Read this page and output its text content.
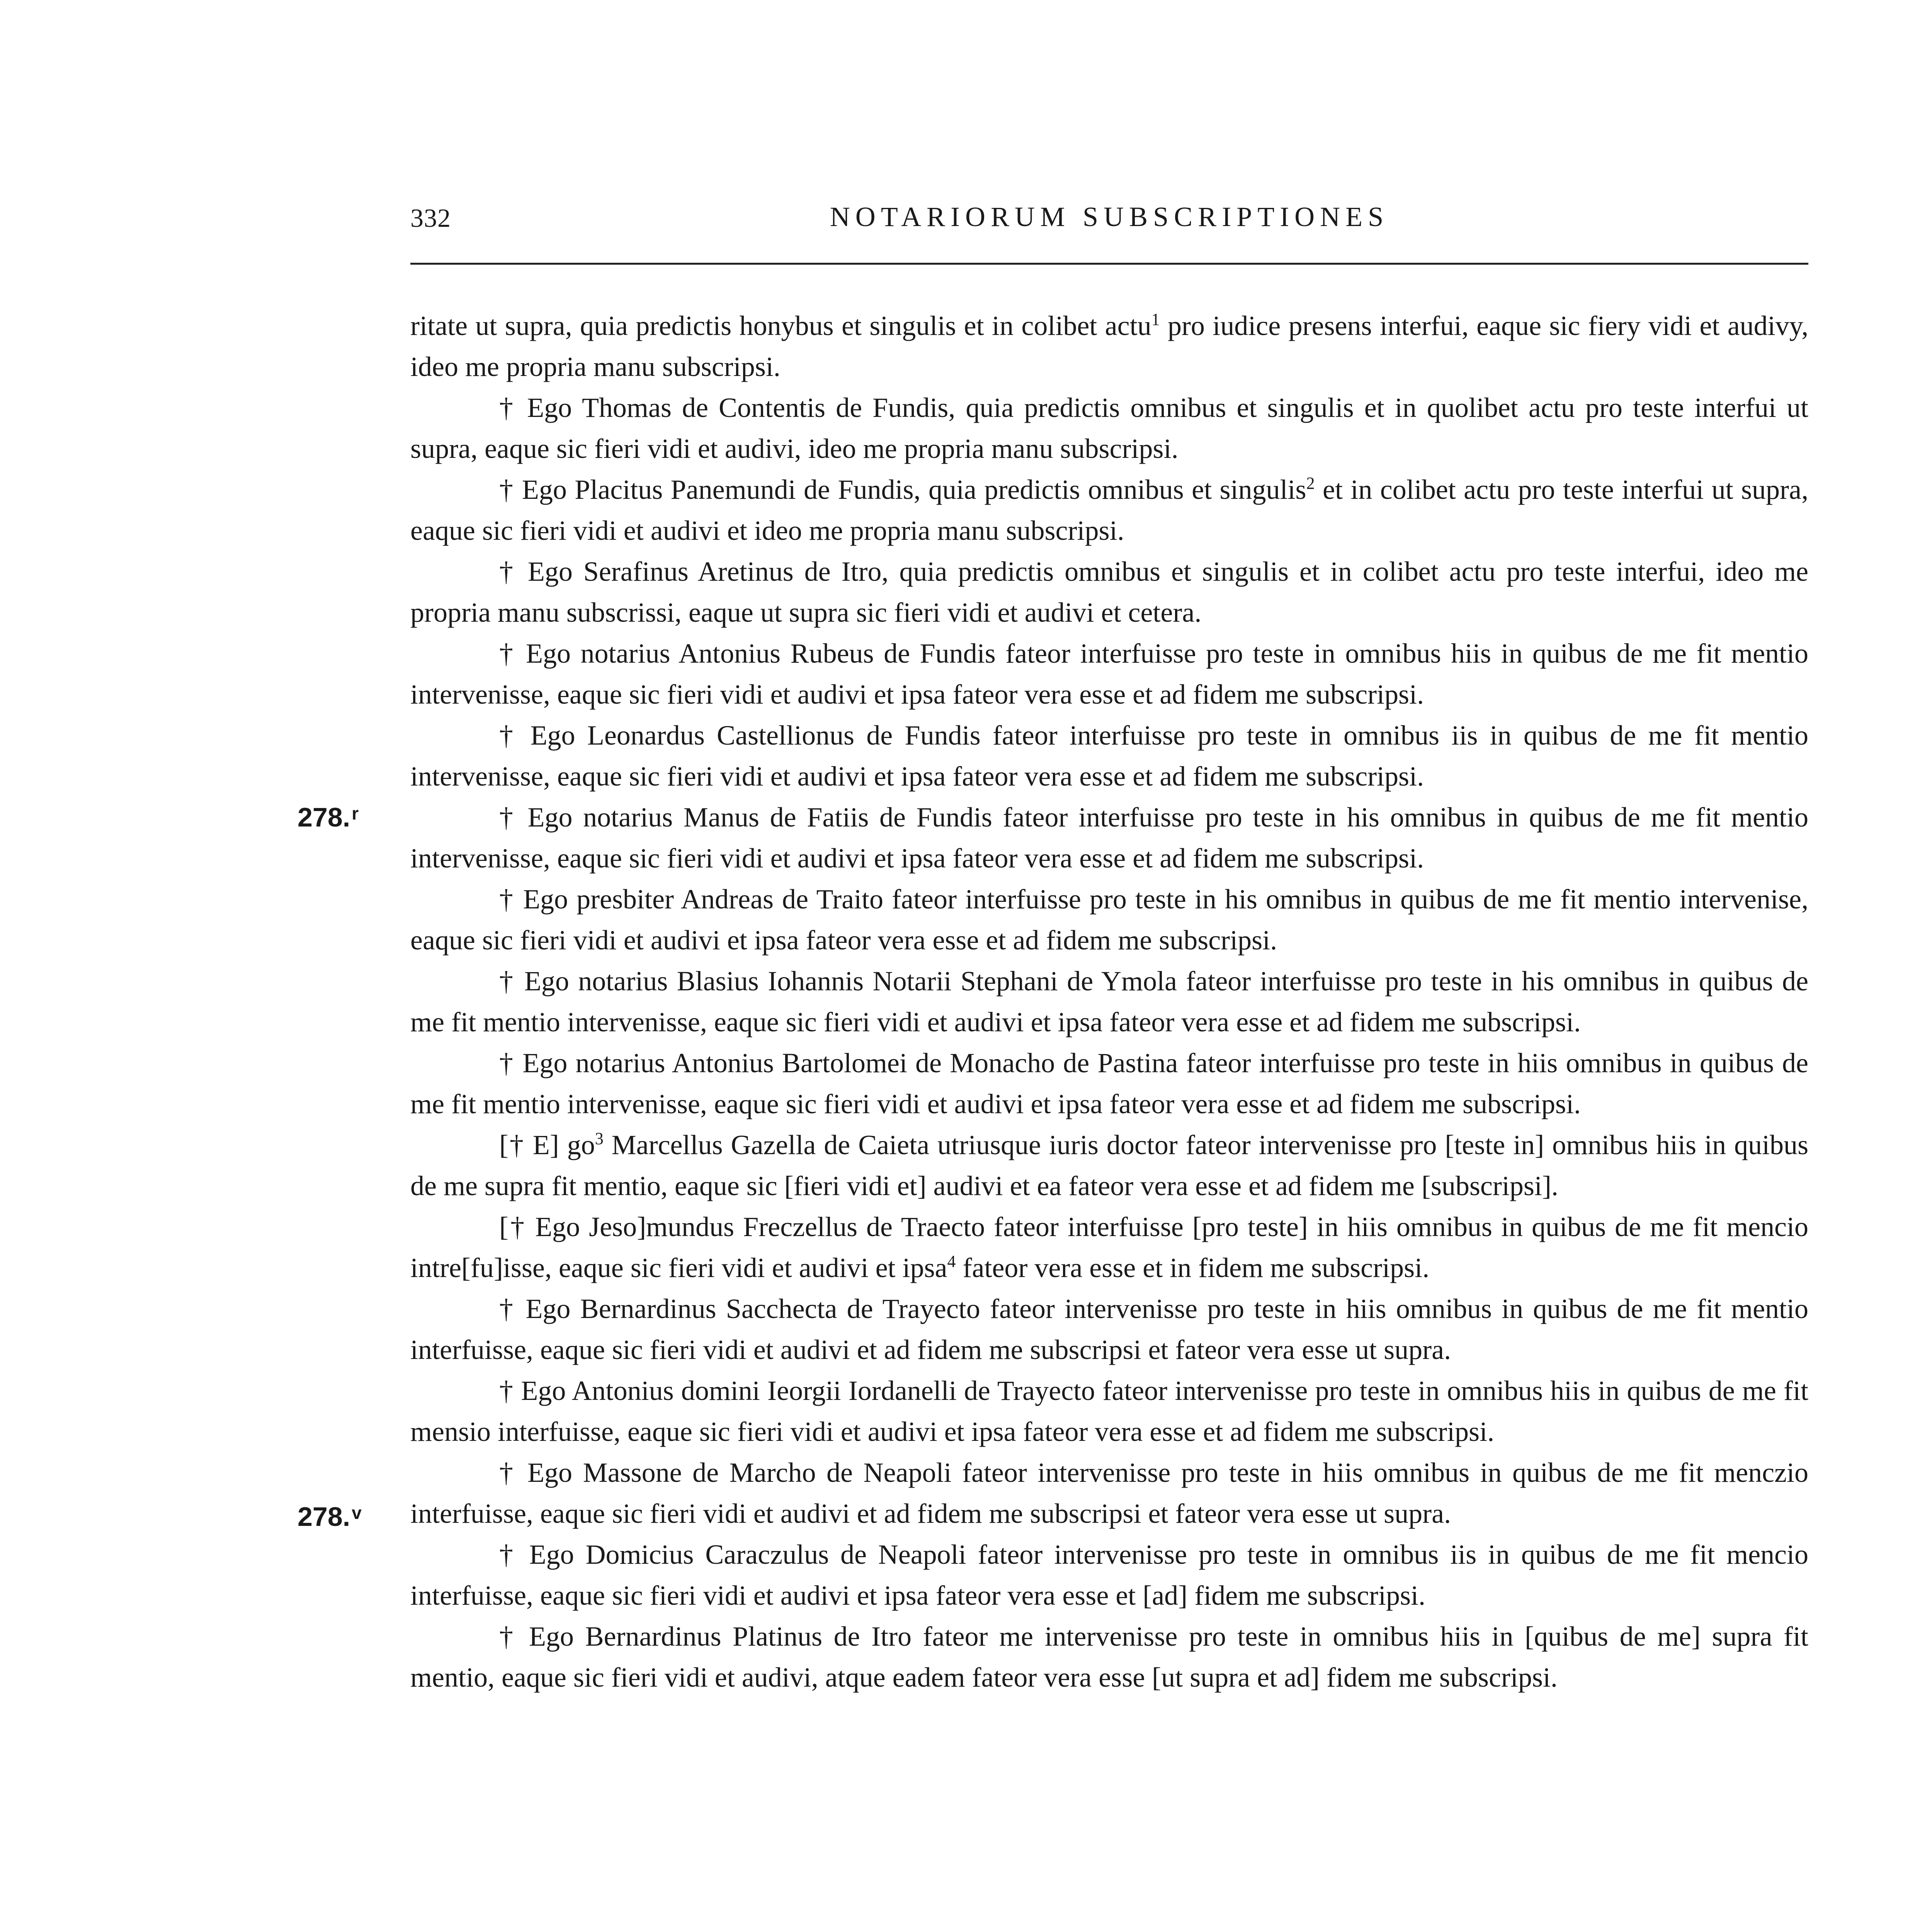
332	NOTARIORUM SUBSCRIPTIONES
278.$^r$
278.$^v$

ritate ut supra, quia predictis honybus et singulis et in colibet actu$^1$ pro iudice presens interfui, eaque sic fiery vidi et audivy, ideo me propria manu subscripsi.

† Ego Thomas de Contentis de Fundis, quia predictis omnibus et singulis et in quolibet actu pro teste interfui ut supra, eaque sic fieri vidi et audivi, ideo me propria manu subscripsi.

† Ego Placitus Panemundi de Fundis, quia predictis omnibus et singulis$^2$ et in colibet actu pro teste interfui ut supra, eaque sic fieri vidi et audivi et ideo me propria manu subscripsi.

† Ego Serafinus Aretinus de Itro, quia predictis omnibus et singulis et in colibet actu pro teste interfui, ideo me propria manu subscrissi, eaque ut supra sic fieri vidi et audivi et cetera.

† Ego notarius Antonius Rubeus de Fundis fateor interfuisse pro teste in omnibus hiis in quibus de me fit mentio intervenisse, eaque sic fieri vidi et audivi et ipsa fateor vera esse et ad fidem me subscripsi.

† Ego Leonardus Castellionus de Fundis fateor interfuisse pro teste in omnibus iis in quibus de me fit mentio intervenisse, eaque sic fieri vidi et audivi et ipsa fateor vera esse et ad fidem me subscripsi.

† Ego notarius Manus de Fatiis de Fundis fateor interfuisse pro teste in his omnibus in quibus de me fit mentio intervenisse, eaque sic fieri vidi et audivi et ipsa fateor vera esse et ad fidem me subscripsi.

† Ego presbiter Andreas de Traito fateor interfuisse pro teste in his omnibus in quibus de me fit mentio intervenise, eaque sic fieri vidi et audivi et ipsa fateor vera esse et ad fidem me subscripsi.

† Ego notarius Blasius Iohannis Notarii Stephani de Ymola fateor interfuisse pro teste in his omnibus in quibus de me fit mentio intervenisse, eaque sic fieri vidi et audivi et ipsa fateor vera esse et ad fidem me subscripsi.

† Ego notarius Antonius Bartolomei de Monacho de Pastina fateor interfuisse pro teste in hiis omnibus in quibus de me fit mentio intervenisse, eaque sic fieri vidi et audivi et ipsa fateor vera esse et ad fidem me subscripsi.

[† E] $go^3$ Marcellus Gazella de Caieta utriusque iuris doctor fateor intervenisse pro [teste in] omnibus hiis in quibus de me supra fit mentio, eaque sic [fieri vidi et] audivi et ea fateor vera esse et ad fidem me [subscripsi].

[† Ego Jeso]mundus Freczellus de Traecto fateor interfuisse [pro teste] in hiis omnibus in quibus de me fit mencio intre[fu]isse, eaque sic fieri vidi et audivi et ipsa$^4$ fateor vera esse et in fidem me subscripsi.

† Ego Bernardinus Sacchecta de Trayecto fateor intervenisse pro teste in hiis omnibus in quibus de me fit mentio interfuisse, eaque sic fieri vidi et audivi et ad fidem me subscripsi et fateor vera esse ut supra.

† Ego Antonius domini Ieorgii Iordanelli de Trayecto fateor intervenisse pro teste in omnibus hiis in quibus de me fit mensio interfuisse, eaque sic fieri vidi et audivi et ipsa fateor vera esse et ad fidem me subscripsi.

† Ego Massone de Marcho de Neapoli fateor intervenisse pro teste in hiis omnibus in quibus de me fit menczio interfuisse, eaque sic fieri vidi et audivi et ad fidem me subscripsi et fateor vera esse ut supra.

† Ego Domicius Caraczulus de Neapoli fateor intervenisse pro teste in omnibus iis in quibus de me fit mencio interfuisse, eaque sic fieri vidi et audivi et ipsa fateor vera esse et [ad] fidem me subscripsi.

† Ego Bernardinus Platinus de Itro fateor me intervenisse pro teste in omnibus hiis in [quibus de me] supra fit mentio, eaque sic fieri vidi et audivi, atque eadem fateor vera esse [ut supra et ad] fidem me subscripsi.
